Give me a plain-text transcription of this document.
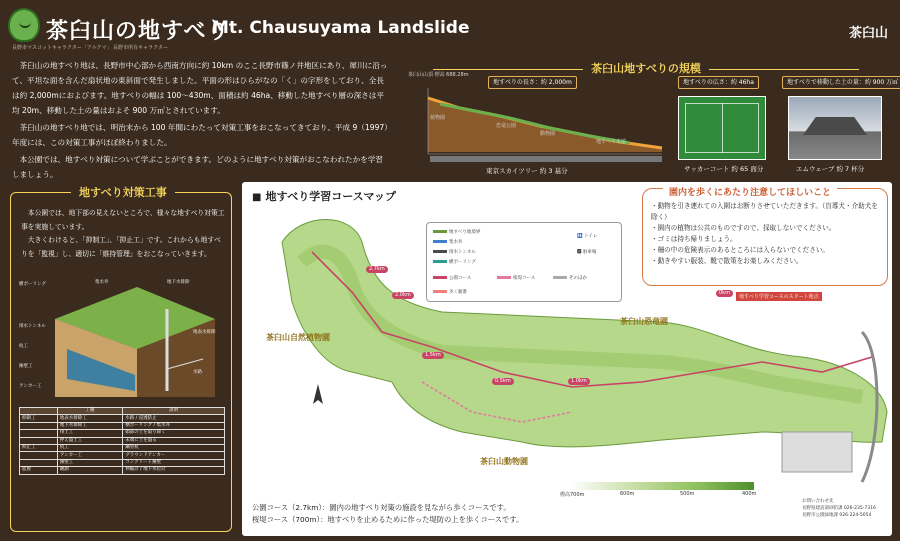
茶臼山の地すべり
Mt. Chausuyama Landslide
長野市マスコットキャラクター「アルクマ」 長野市所有キャラクター
茶臼山

茶臼山の地すべり地は、長野市中心部から西南方向に約 10km のここ長野市篠ノ井地区にあり、犀川に沿って、平坦な面を含んだ扇状地の東斜面で発生しました。平面の形はひらがなの「く」の字形をしており、全長は約 2,000mにおよびます。地すべりの幅は 100～430m、面積は約 46ha、移動した地すべり層の深さは平均 20m、移動した土の量はおよそ 900 万㎥とされています。

茶臼山の地すべり地では、明治末から 100 年間にわたって対策工事をおこなってきており、平成 9（1997）年度には、この対策工事がほぼ終わりました。

本公園では、地すべり対策について学ぶことができます。どのように地すべり対策がおこなわれたかを学習しましょう。

茶臼山地すべりの規模
地すべりの長さ：約 2,000m	地すべりの広さ：約 46ha	地すべりで移動した土の量：約 900 万㎥
茶臼山山頂 標高 688.28m
植物園
恐竜公園
動物園
地すべり末端
東京スカイツリー 約 3 基分	サッカーコート 約 65 面分	エムウェーブ 約 7 杯分
地すべり対策工事

本公園では、地下部の見えないところで、様々な地すべり対策工事を実施しています。

大きくわけると、「抑制工」、「抑止工」です。これからも地すべりを「監視」し、適切に「維持管理」をおこなっていきます。

横ボーリング	集水井	地下水排除
排水トンネル
杭工
擁壁工
アンカー工
地表水排除
水路
	工種	説明
抑制工	地表水排除工	水路 / 浸透防止
	地下水排除工	横ボーリング / 集水井
	排土工	頭部の土を取り除く
	押え盛土工	末端に土を盛る
抑止工	杭工	鋼管杭
	アンカー工	グラウンドアンカー
	擁壁工	コンクリート擁壁
監視	観測	伸縮計 / 地下水位計
■ 地すべり学習コースマップ
地すべり地境界
集水井
排水トンネル
横ボーリング
公園コース	桜堤コース	そのほか
歩く順番
🚻 トイレ
🅿 駐車場
茶臼山自然植物園
茶臼山恐竜園
茶臼山動物園
地すべり学習コースのスタート地点
2.7km
0.5km	1.0km
1.5km
2.0km	0km
標高700m	600m	500m	400m
園内を歩くにあたり注意してほしいこと
・動物を引き連れての入園はお断りさせていただきます。（盲導犬・介助犬を除く）
・園内の植物は公共のものですので、採取しないでください。
・ゴミは持ち帰りましょう。
・柵の中の危険表示のあるところには入らないでください。
・動きやすい服装、靴で散策をお楽しみください。
公園コース（2.7km）：園内の地すべり対策の施設を見ながら歩くコースです。
桜堤コース（700m）：地すべりを止めるために作った堤防の上を歩くコースです。
お問い合わせ先
長野県建設部砂防課 026-235-7316
長野市公園緑地課 026-224-5054
